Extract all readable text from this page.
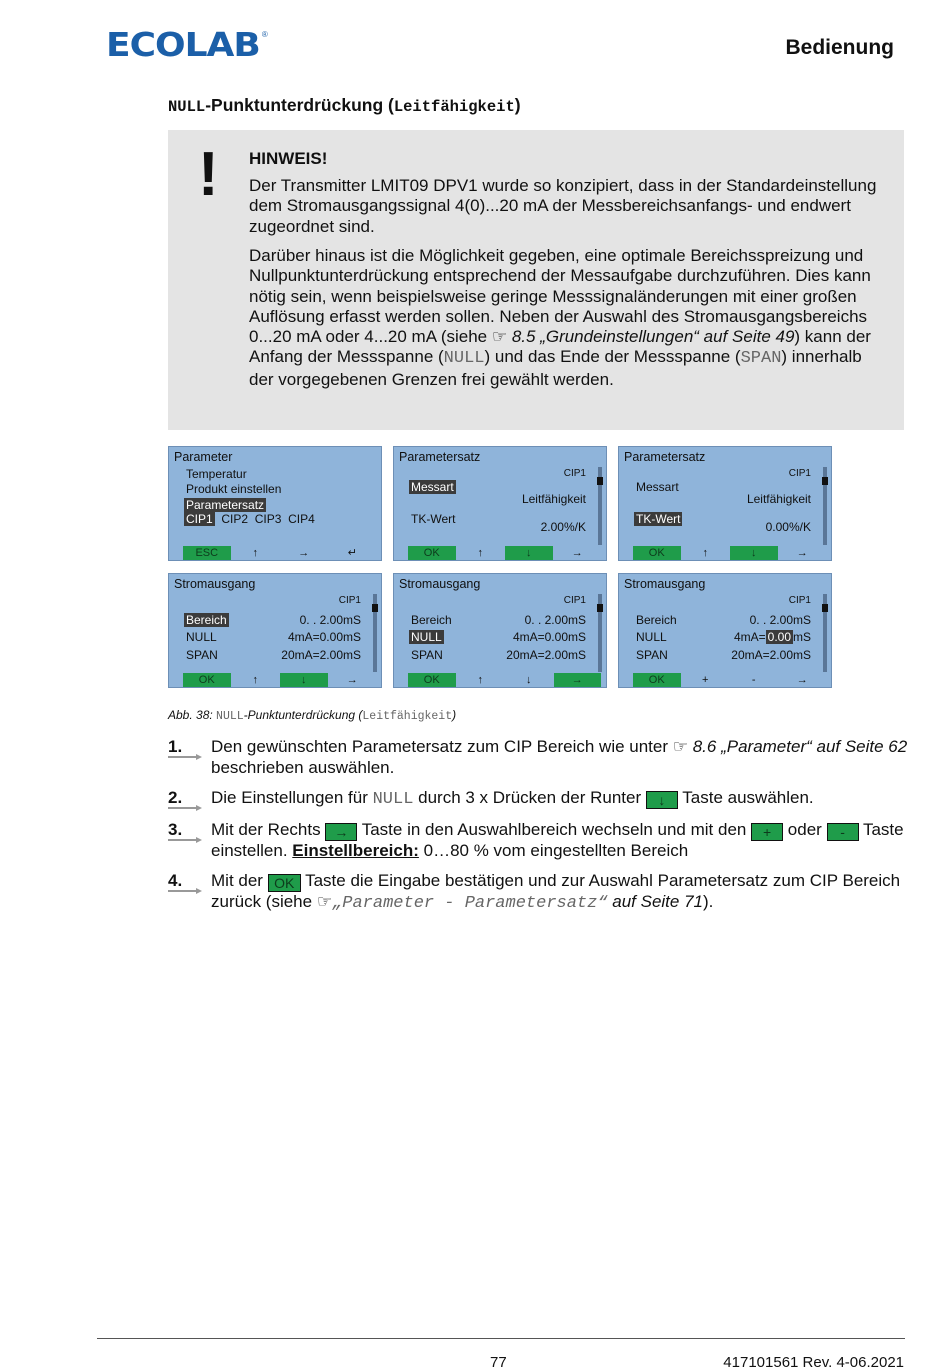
ECOLAB ®
Bedienung
NULL-Punktunterdrückung (Leitfähigkeit)
! HINWEIS!
Der Transmitter LMIT09 DPV1 wurde so konzipiert, dass in der Standardeinstellung dem Stromausgangssignal 4(0)...20 mA der Messbereichsanfangs- und endwert zugeordnet sind.
Darüber hinaus ist die Möglichkeit gegeben, eine optimale Bereichsspreizung und Nullpunktunterdrückung entsprechend der Messaufgabe durchzuführen. Dies kann nötig sein, wenn beispielsweise geringe Messsignaländerungen mit einer großen Auflösung erfasst werden sollen. Neben der Auswahl des Stromausgangsbereichs 0...20 mA oder 4...20 mA (siehe ☞ 8.5 „Grundeinstellungen“ auf Seite 49) kann der Anfang der Messspanne (NULL) und das Ende der Messspanne (SPAN) innerhalb der vorgegebenen Grenzen frei gewählt werden.
Parameter
Temperatur
Produkt einstellen
Parametersatz
CIP1 CIP2 CIP3 CIP4
ESC	↑	→	↵
Parametersatz
CIP1
Messart
Leitfähigkeit
TK-Wert
2.00%/K
OK	↑	↓	→
Parametersatz
CIP1
Messart
Leitfähigkeit
TK-Wert
0.00%/K
OK	↑	↓	→
Stromausgang
CIP1
Bereich	0. . 2.00mS
NULL	4mA=0.00mS
SPAN	20mA=2.00mS
OK	↑	↓	→
Stromausgang
CIP1
Bereich	0. . 2.00mS
NULL	4mA=0.00mS
SPAN	20mA=2.00mS
OK	↑	↓	→
Stromausgang
CIP1
Bereich	0. . 2.00mS
NULL	4mA= 0.00 mS
SPAN	20mA=2.00mS
OK	+	-	→
Abb. 38: NULL-Punktunterdrückung (Leitfähigkeit)
1. Den gewünschten Parametersatz zum CIP Bereich wie unter ☞ 8.6 „Parameter“ auf Seite 62 beschrieben auswählen.
2. Die Einstellungen für NULL durch 3 x Drücken der Runter ↓ Taste auswählen.
3. Mit der Rechts → Taste in den Auswahlbereich wechseln und mit den + oder - Taste einstellen. Einstellbereich: 0…80 % vom eingestellten Bereich
4. Mit der OK Taste die Eingabe bestätigen und zur Auswahl Parametersatz zum CIP Bereich zurück (siehe ☞„Parameter - Parametersatz“ auf Seite 71).
77	417101561 Rev. 4-06.2021
